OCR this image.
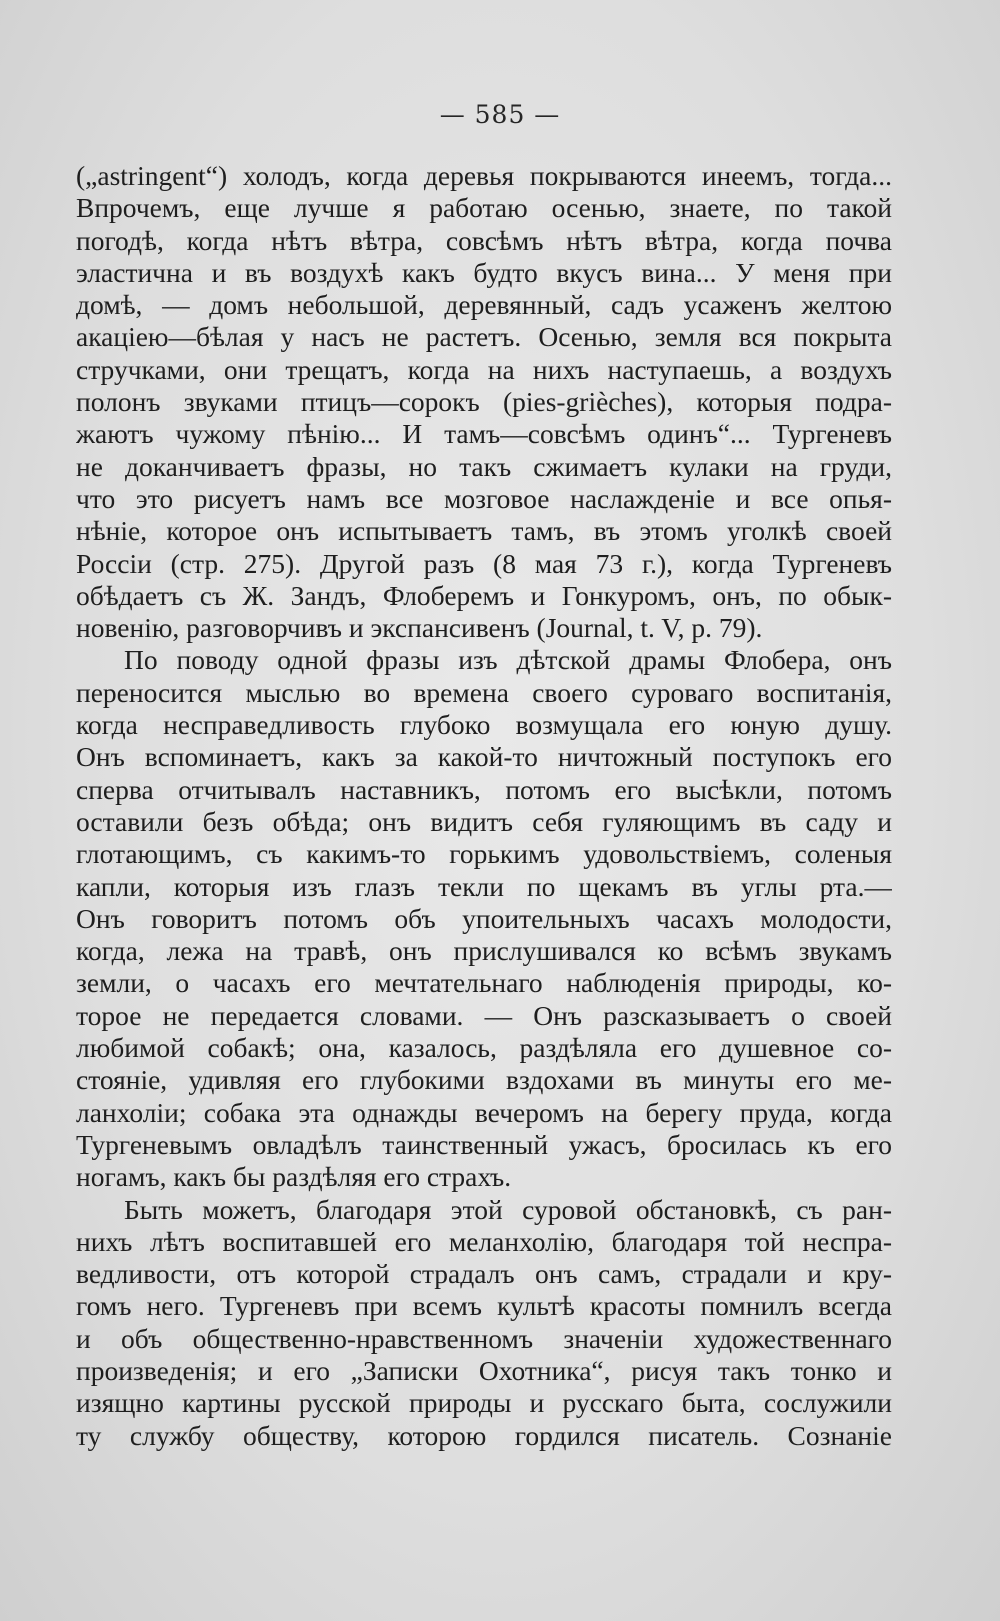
— 585 —
(„astringent“) холодъ, когда деревья покрываются инеемъ, тогда...
Впрочемъ, еще лучше я работаю осенью, знаете, по такой
погодѣ, когда нѣтъ вѣтра, совсѣмъ нѣтъ вѣтра, когда почва
эластична и въ воздухѣ какъ будто вкусъ вина... У меня при
домѣ, — домъ небольшой, деревянный, садъ усаженъ желтою
акаціею—бѣлая у насъ не растетъ. Осенью, земля вся покрыта
стручками, они трещатъ, когда на нихъ наступаешь, а воздухъ
полонъ звуками птицъ—сорокъ (pies-grièches), которыя подра-
жаютъ чужому пѣнію... И тамъ—совсѣмъ одинъ“... Тургеневъ
не доканчиваетъ фразы, но такъ сжимаетъ кулаки на груди,
что это рисуетъ намъ все мозговое наслажденіе и все опья-
нѣніе, которое онъ испытываетъ тамъ, въ этомъ уголкѣ своей
Россіи (стр. 275). Другой разъ (8 мая 73 г.), когда Тургеневъ
обѣдаетъ съ Ж. Зандъ, Флоберемъ и Гонкуромъ, онъ, по обык-
новенію, разговорчивъ и экспансивенъ (Journal, t. V, p. 79).
По поводу одной фразы изъ дѣтской драмы Флобера, онъ
переносится мыслью во времена своего суроваго воспитанія,
когда несправедливость глубоко возмущала его юную душу.
Онъ вспоминаетъ, какъ за какой-то ничтожный поступокъ его
сперва отчитывалъ наставникъ, потомъ его высѣкли, потомъ
оставили безъ обѣда; онъ видитъ себя гуляющимъ въ саду и
глотающимъ, съ какимъ-то горькимъ удовольствіемъ, соленыя
капли, которыя изъ глазъ текли по щекамъ въ углы рта.—
Онъ говоритъ потомъ объ упоительныхъ часахъ молодости,
когда, лежа на травѣ, онъ прислушивался ко всѣмъ звукамъ
земли, о часахъ его мечтательнаго наблюденія природы, ко-
торое не передается словами. — Онъ разсказываетъ о своей
любимой собакѣ; она, казалось, раздѣляла его душевное со-
стояніе, удивляя его глубокими вздохами въ минуты его ме-
ланхоліи; собака эта однажды вечеромъ на берегу пруда, когда
Тургеневымъ овладѣлъ таинственный ужасъ, бросилась къ его
ногамъ, какъ бы раздѣляя его страхъ.
Быть можетъ, благодаря этой суровой обстановкѣ, съ ран-
нихъ лѣтъ воспитавшей его меланхолію, благодаря той неспра-
ведливости, отъ которой страдалъ онъ самъ, страдали и кру-
гомъ него. Тургеневъ при всемъ культѣ красоты помнилъ всегда
и объ общественно-нравственномъ значеніи художественнаго
произведенія; и его „Записки Охотника“, рисуя такъ тонко и
изящно картины русской природы и русскаго быта, сослужили
ту службу обществу, которою гордился писатель. Сознаніе
